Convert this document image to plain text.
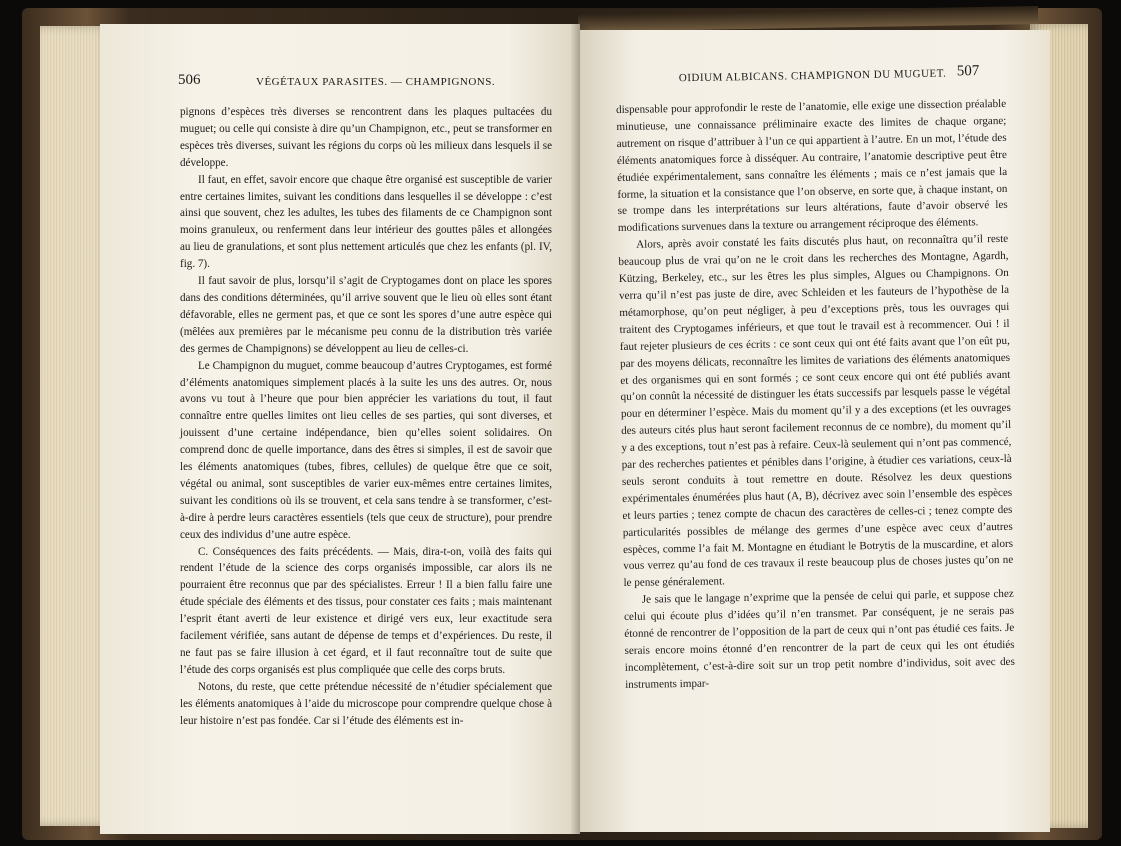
506	VÉGÉTAUX PARASITES. — CHAMPIGNONS.

pignons d’espèces très diverses se rencontrent dans les plaques pultacées du muguet; ou celle qui consiste à dire qu’un Champignon, etc., peut se transformer en espèces très diverses, suivant les régions du corps où les milieux dans lesquels il se développe.

Il faut, en effet, savoir encore que chaque être organisé est susceptible de varier entre certaines limites, suivant les conditions dans lesquelles il se développe : c’est ainsi que souvent, chez les adultes, les tubes des filaments de ce Champignon sont moins granuleux, ou renferment dans leur intérieur des gouttes pâles et allongées au lieu de granulations, et sont plus nettement articulés que chez les enfants (pl. IV, fig. 7).

Il faut savoir de plus, lorsqu’il s’agit de Cryptogames dont on place les spores dans des conditions déterminées, qu’il arrive souvent que le lieu où elles sont étant défavorable, elles ne germent pas, et que ce sont les spores d’une autre espèce qui (mêlées aux premières par le mécanisme peu connu de la distribution très variée des germes de Champignons) se développent au lieu de celles-ci.

Le Champignon du muguet, comme beaucoup d’autres Cryptogames, est formé d’éléments anatomiques simplement placés à la suite les uns des autres. Or, nous avons vu tout à l’heure que pour bien apprécier les variations du tout, il faut connaître entre quelles limites ont lieu celles de ses parties, qui sont diverses, et jouissent d’une certaine indépendance, bien qu’elles soient solidaires. On comprend donc de quelle importance, dans des êtres si simples, il est de savoir que les éléments anatomiques (tubes, fibres, cellules) de quelque être que ce soit, végétal ou animal, sont susceptibles de varier eux-mêmes entre certaines limites, suivant les conditions où ils se trouvent, et cela sans tendre à se transformer, c’est-à-dire à perdre leurs caractères essentiels (tels que ceux de structure), pour prendre ceux des individus d’une autre espèce.

C. Conséquences des faits précédents. — Mais, dira-t-on, voilà des faits qui rendent l’étude de la science des corps organisés impossible, car alors ils ne pourraient être reconnus que par des spécialistes. Erreur ! Il a bien fallu faire une étude spéciale des éléments et des tissus, pour constater ces faits ; mais maintenant l’esprit étant averti de leur existence et dirigé vers eux, leur exactitude sera facilement vérifiée, sans autant de dépense de temps et d’expériences. Du reste, il ne faut pas se faire illusion à cet égard, et il faut reconnaître tout de suite que l’étude des corps organisés est plus compliquée que celle des corps bruts.

Notons, du reste, que cette prétendue nécessité de n’étudier spécialement que les éléments anatomiques à l’aide du microscope pour comprendre quelque chose à leur histoire n’est pas fondée. Car si l’étude des éléments est in-

OIDIUM ALBICANS. CHAMPIGNON DU MUGUET. 507

dispensable pour approfondir le reste de l’anatomie, elle exige une dissection préalable minutieuse, une connaissance préliminaire exacte des limites de chaque organe; autrement on risque d’attribuer à l’un ce qui appartient à l’autre. En un mot, l’étude des éléments anatomiques force à disséquer. Au contraire, l’anatomie descriptive peut être étudiée expérimentalement, sans connaître les éléments ; mais ce n’est jamais que la forme, la situation et la consistance que l’on observe, en sorte que, à chaque instant, on se trompe dans les interprétations sur leurs altérations, faute d’avoir observé les modifications survenues dans la texture ou arrangement réciproque des éléments.

Alors, après avoir constaté les faits discutés plus haut, on reconnaîtra qu’il reste beaucoup plus de vrai qu’on ne le croit dans les recherches des Montagne, Agardh, Kützing, Berkeley, etc., sur les êtres les plus simples, Algues ou Champignons. On verra qu’il n’est pas juste de dire, avec Schleiden et les fauteurs de l’hypothèse de la métamorphose, qu’on peut négliger, à peu d’exceptions près, tous les ouvrages qui traitent des Cryptogames inférieurs, et que tout le travail est à recommencer. Oui ! il faut rejeter plusieurs de ces écrits : ce sont ceux qui ont été faits avant que l’on eût pu, par des moyens délicats, reconnaître les limites de variations des éléments anatomiques et des organismes qui en sont formés ; ce sont ceux encore qui ont été publiés avant qu’on connût la nécessité de distinguer les états successifs par lesquels passe le végétal pour en déterminer l’espèce. Mais du moment qu’il y a des exceptions (et les ouvrages des auteurs cités plus haut seront facilement reconnus de ce nombre), du moment qu’il y a des exceptions, tout n’est pas à refaire. Ceux-là seulement qui n’ont pas commencé, par des recherches patientes et pénibles dans l’origine, à étudier ces variations, ceux-là seuls seront conduits à tout remettre en doute. Résolvez les deux questions expérimentales énumérées plus haut (A, B), décrivez avec soin l’ensemble des espèces et leurs parties ; tenez compte de chacun des caractères de celles-ci ; tenez compte des particularités possibles de mélange des germes d’une espèce avec ceux d’autres espèces, comme l’a fait M. Montagne en étudiant le Botrytis de la muscardine, et alors vous verrez qu’au fond de ces travaux il reste beaucoup plus de choses justes qu’on ne le pense généralement.

Je sais que le langage n’exprime que la pensée de celui qui parle, et suppose chez celui qui écoute plus d’idées qu’il n’en transmet. Par conséquent, je ne serais pas étonné de rencontrer de l’opposition de la part de ceux qui n’ont pas étudié ces faits. Je serais encore moins étonné d’en rencontrer de la part de ceux qui les ont étudiés incomplètement, c’est-à-dire soit sur un trop petit nombre d’individus, soit avec des instruments impar-
